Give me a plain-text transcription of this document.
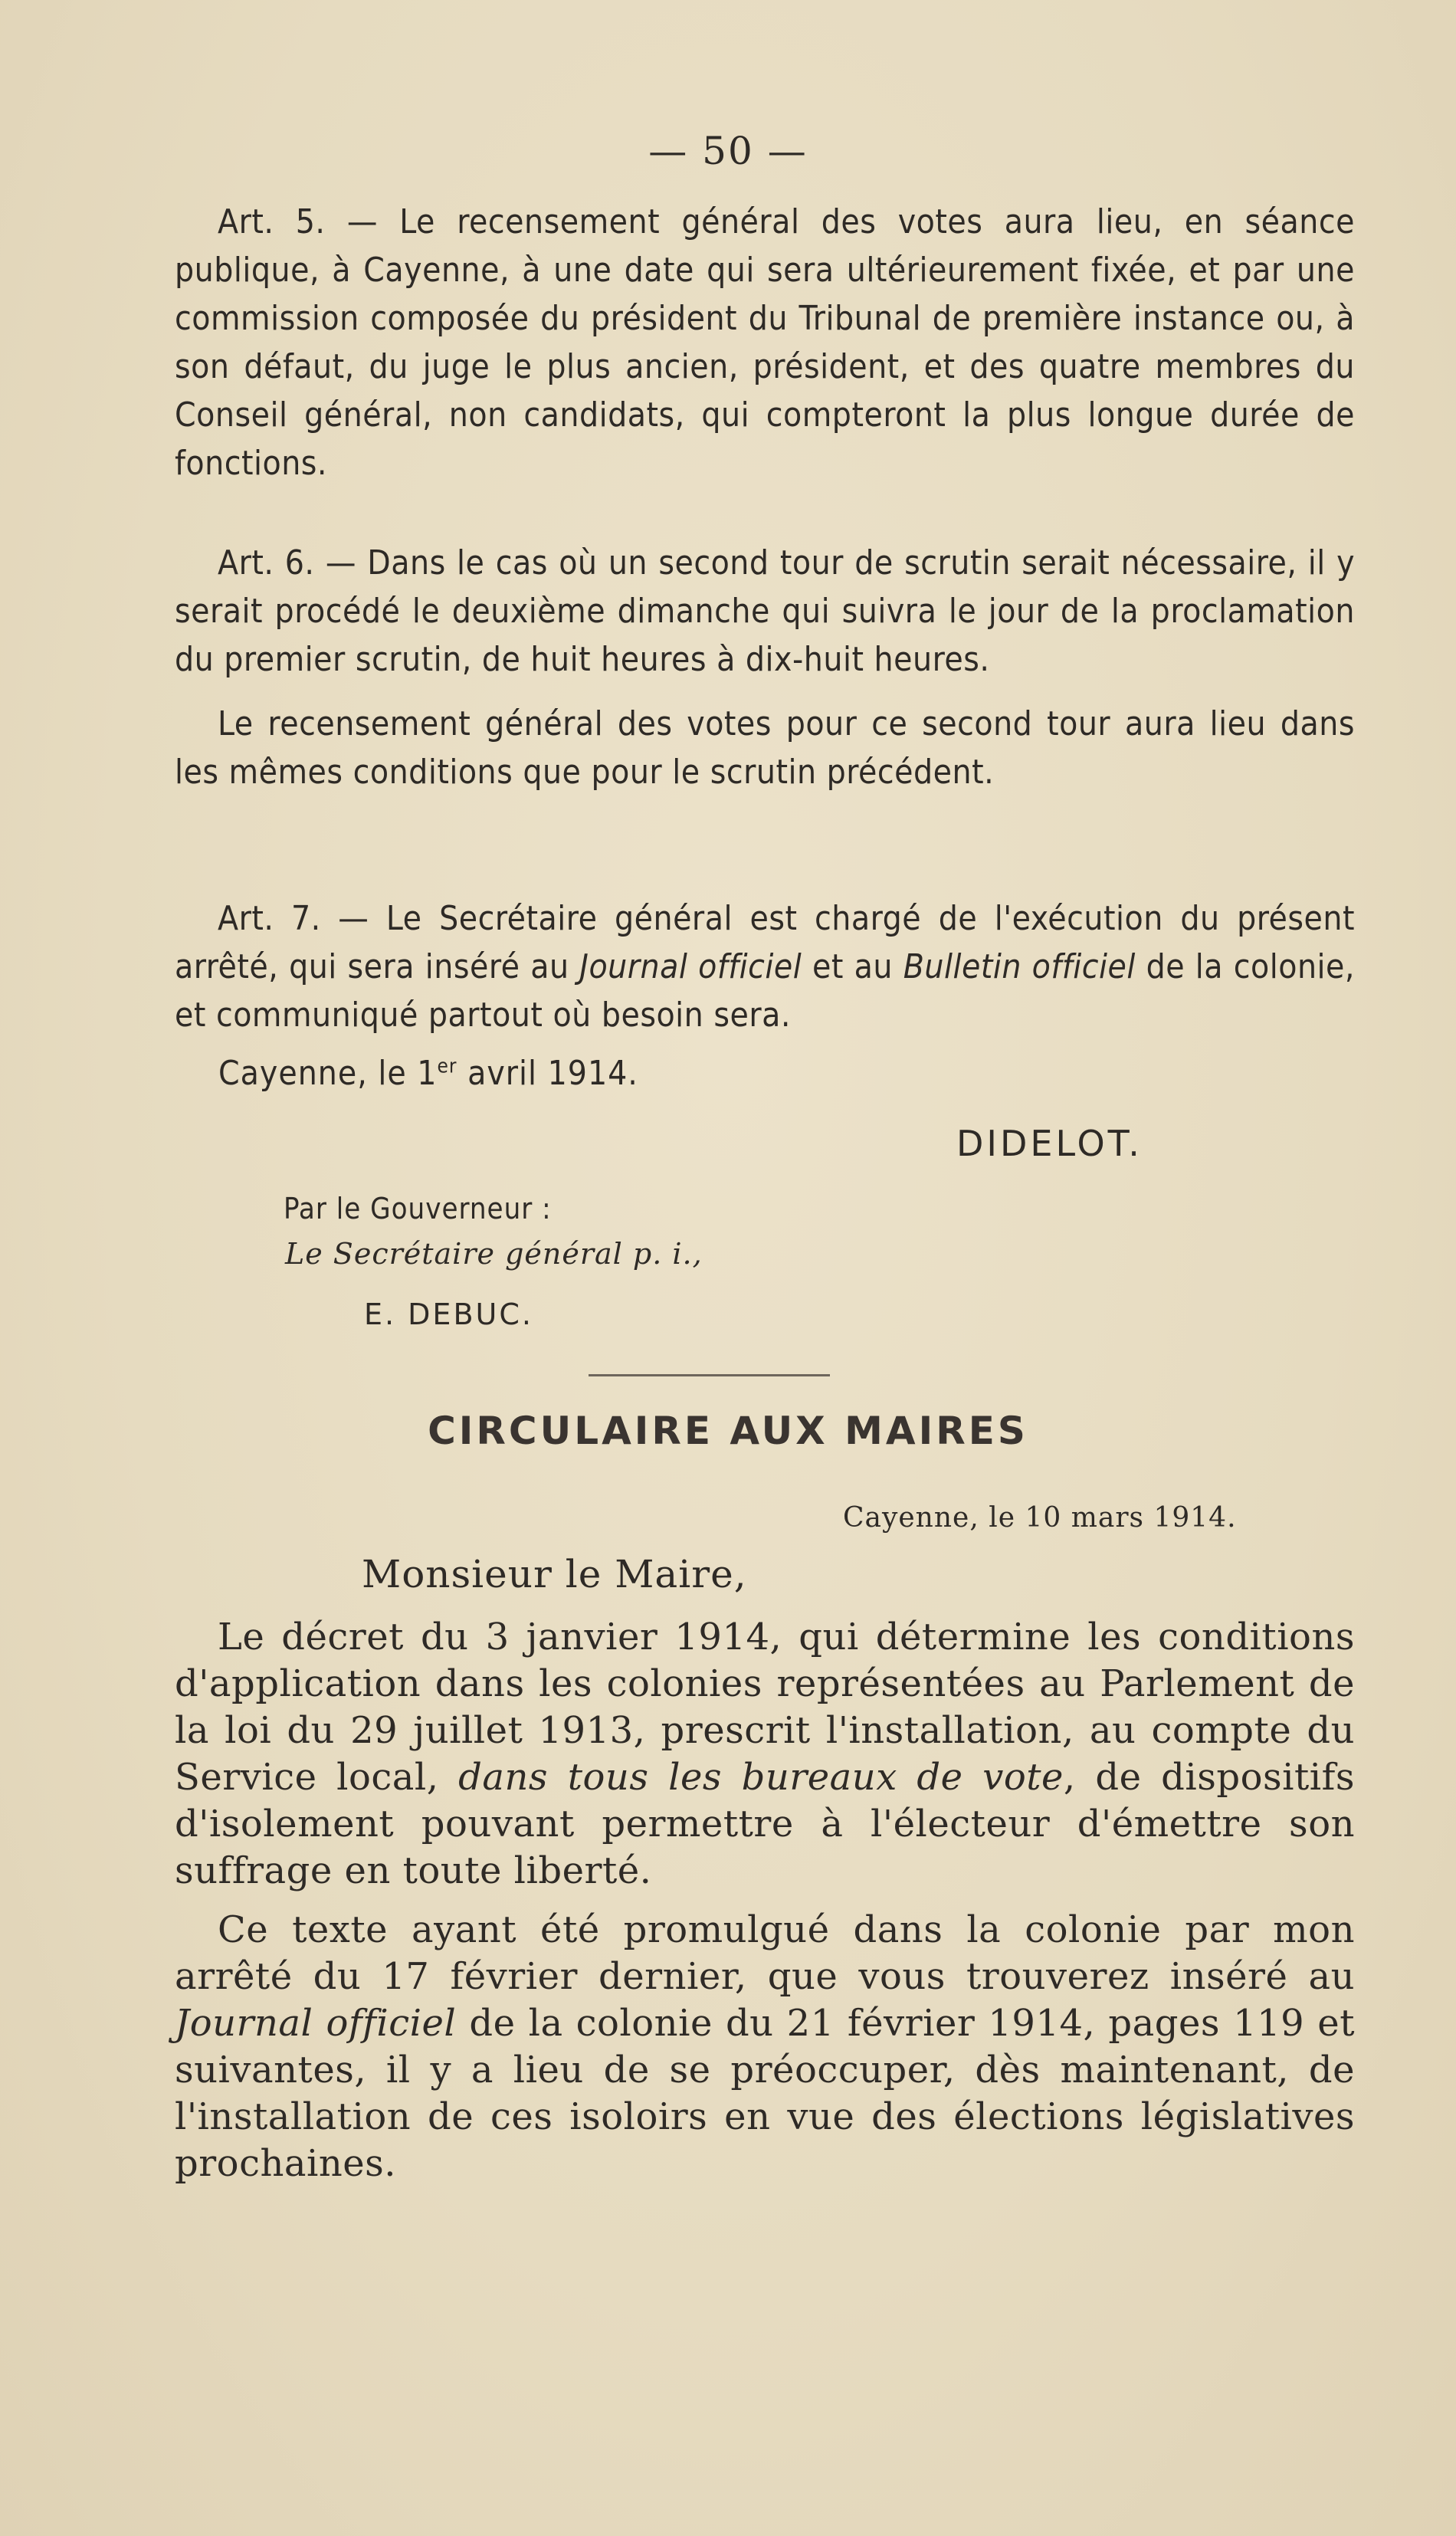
— 50 —

Art. 5. — Le recensement général des votes aura lieu, en séance publique, à Cayenne, à une date qui sera ultérieurement fixée, et par une commission composée du président du Tribunal de première instance ou, à son défaut, du juge le plus ancien, président, et des quatre membres du Conseil général, non candidats, qui compteront la plus longue durée de fonctions.

Art. 6. — Dans le cas où un second tour de scrutin serait nécessaire, il y serait procédé le deuxième dimanche qui suivra le jour de la proclamation du premier scrutin, de huit heures à dix-huit heures.

Le recensement général des votes pour ce second tour aura lieu dans les mêmes conditions que pour le scrutin précédent.

Art. 7. — Le Secrétaire général est chargé de l'exécution du présent arrêté, qui sera inséré au Journal officiel et au Bulletin officiel de la colonie, et communiqué partout où besoin sera.

Cayenne, le 1er avril 1914.
DIDELOT.
Par le Gouverneur :
Le Secrétaire général p. i.,
E. DEBUC.
CIRCULAIRE AUX MAIRES
Cayenne, le 10 mars 1914.
Monsieur le Maire,

Le décret du 3 janvier 1914, qui détermine les conditions d'application dans les colonies représentées au Parlement de la loi du 29 juillet 1913, prescrit l'installation, au compte du Service local, dans tous les bureaux de vote, de dispositifs d'isolement pouvant permettre à l'électeur d'émettre son suffrage en toute liberté.

Ce texte ayant été promulgué dans la colonie par mon arrêté du 17 février dernier, que vous trouverez inséré au Journal officiel de la colonie du 21 février 1914, pages 119 et suivantes, il y a lieu de se préoccuper, dès maintenant, de l'installation de ces isoloirs en vue des élections législatives prochaines.
